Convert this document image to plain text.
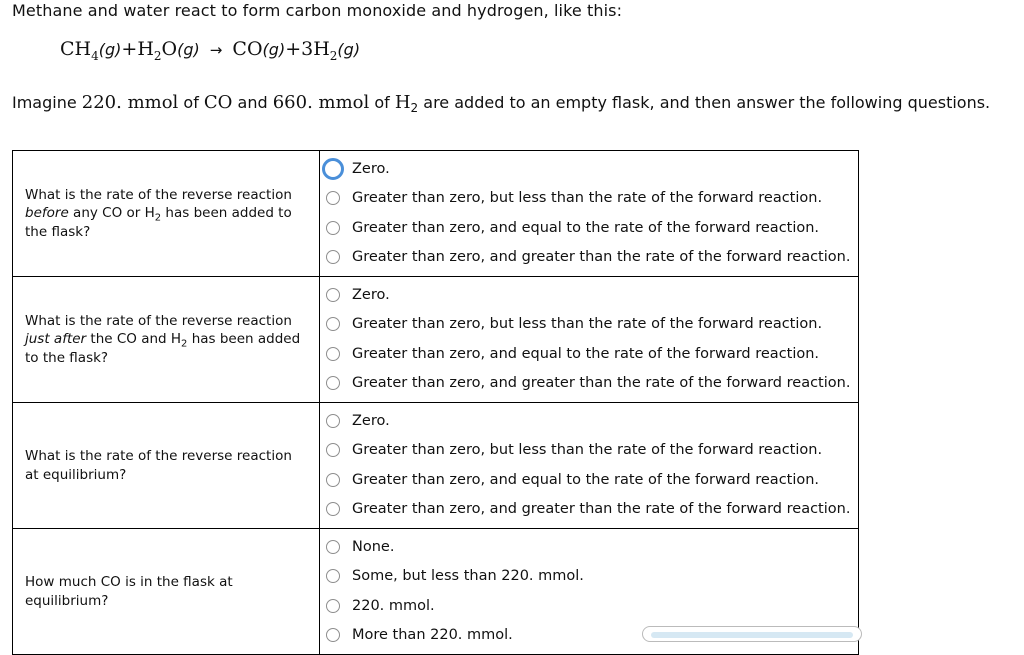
Methane and water react to form carbon monoxide and hydrogen, like this:
$CH_4(g)+H_2O(g) \to CO(g)+3H_2(g)$
Imagine 220. mmol of CO and 660. mmol of $H_2$ are added to an empty flask, and then answer the following questions.
What is the rate of the reverse reaction before any CO or $H_2$ has been added to the flask?	Zero.
Greater than zero, but less than the rate of the forward reaction.
Greater than zero, and equal to the rate of the forward reaction.
Greater than zero, and greater than the rate of the forward reaction.

What is the rate of the reverse reaction just after the CO and $H_2$ has been added to the flask?	Zero.
Greater than zero, but less than the rate of the forward reaction.
Greater than zero, and equal to the rate of the forward reaction.
Greater than zero, and greater than the rate of the forward reaction.

What is the rate of the reverse reaction at equilibrium?	Zero.
Greater than zero, but less than the rate of the forward reaction.
Greater than zero, and equal to the rate of the forward reaction.
Greater than zero, and greater than the rate of the forward reaction.

How much CO is in the flask at equilibrium?	None.
Some, but less than 220. mmol.
220. mmol.
More than 220. mmol.
